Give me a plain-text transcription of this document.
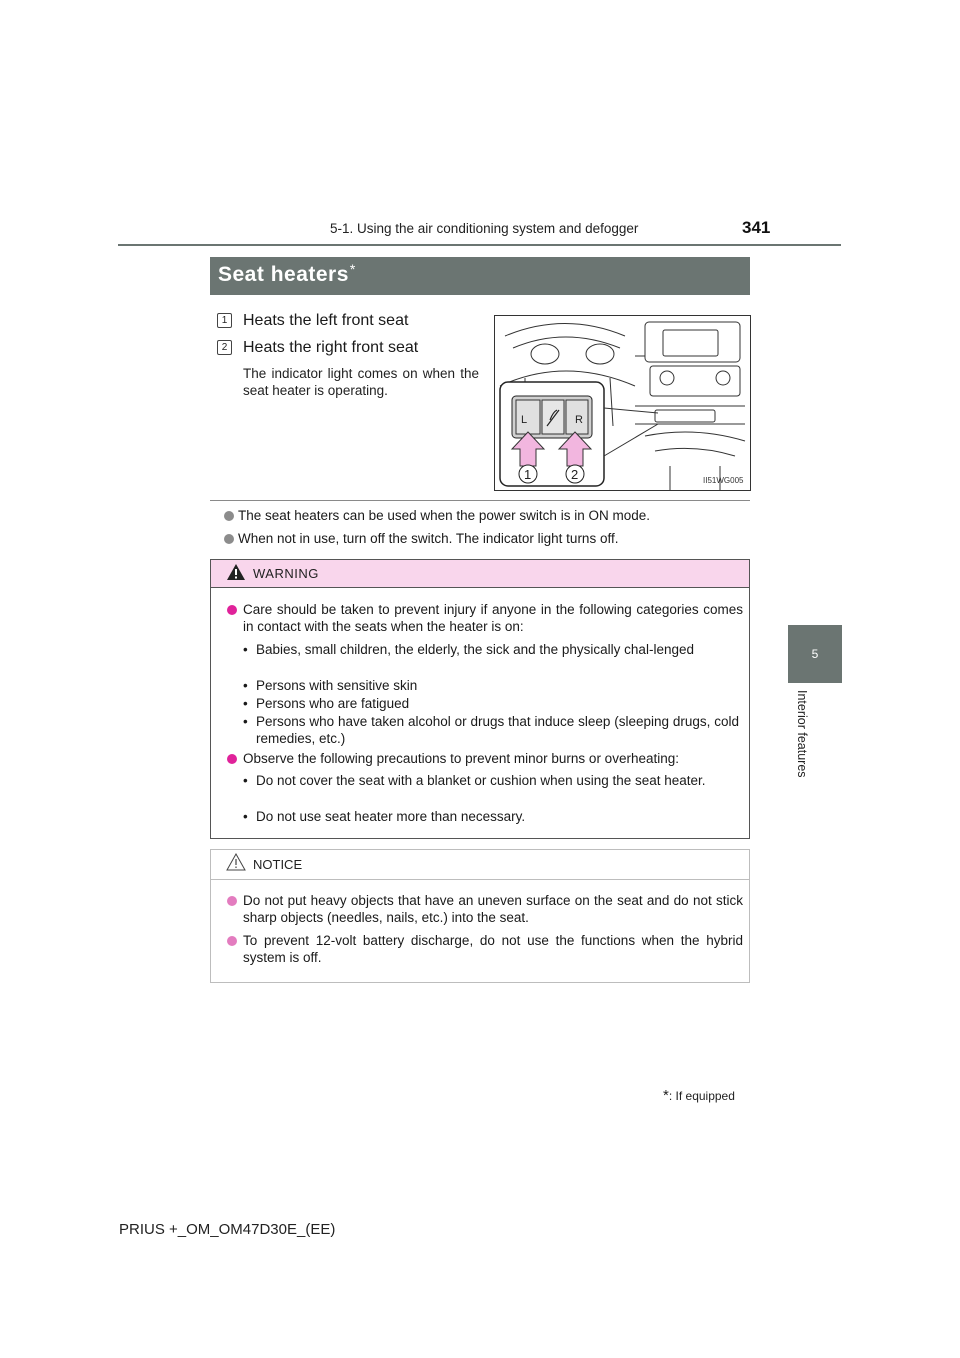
5-1. Using the air conditioning system and defogger	341
5
Interior features
Seat heaters*
1 Heats the left front seat
2 Heats the right front seat
The indicator light comes on when the seat heater is operating.
L	R
1	2	II51WG005
The seat heaters can be used when the power switch is in ON mode.
When not in use, turn off the switch. The indicator light turns off.
WARNING
Care should be taken to prevent injury if anyone in the following categories comes in contact with the seats when the heater is on:
• Babies, small children, the elderly, the sick and the physically chal-lenged
• Persons with sensitive skin
• Persons who are fatigued
• Persons who have taken alcohol or drugs that induce sleep (sleeping drugs, cold remedies, etc.)
Observe the following precautions to prevent minor burns or overheating:
• Do not cover the seat with a blanket or cushion when using the seat heater.
• Do not use seat heater more than necessary.
NOTICE
Do not put heavy objects that have an uneven surface on the seat and do not stick sharp objects (needles, nails, etc.) into the seat.
To prevent 12-volt battery discharge, do not use the functions when the hybrid system is off.
*: If equipped
PRIUS +_OM_OM47D30E_(EE)
